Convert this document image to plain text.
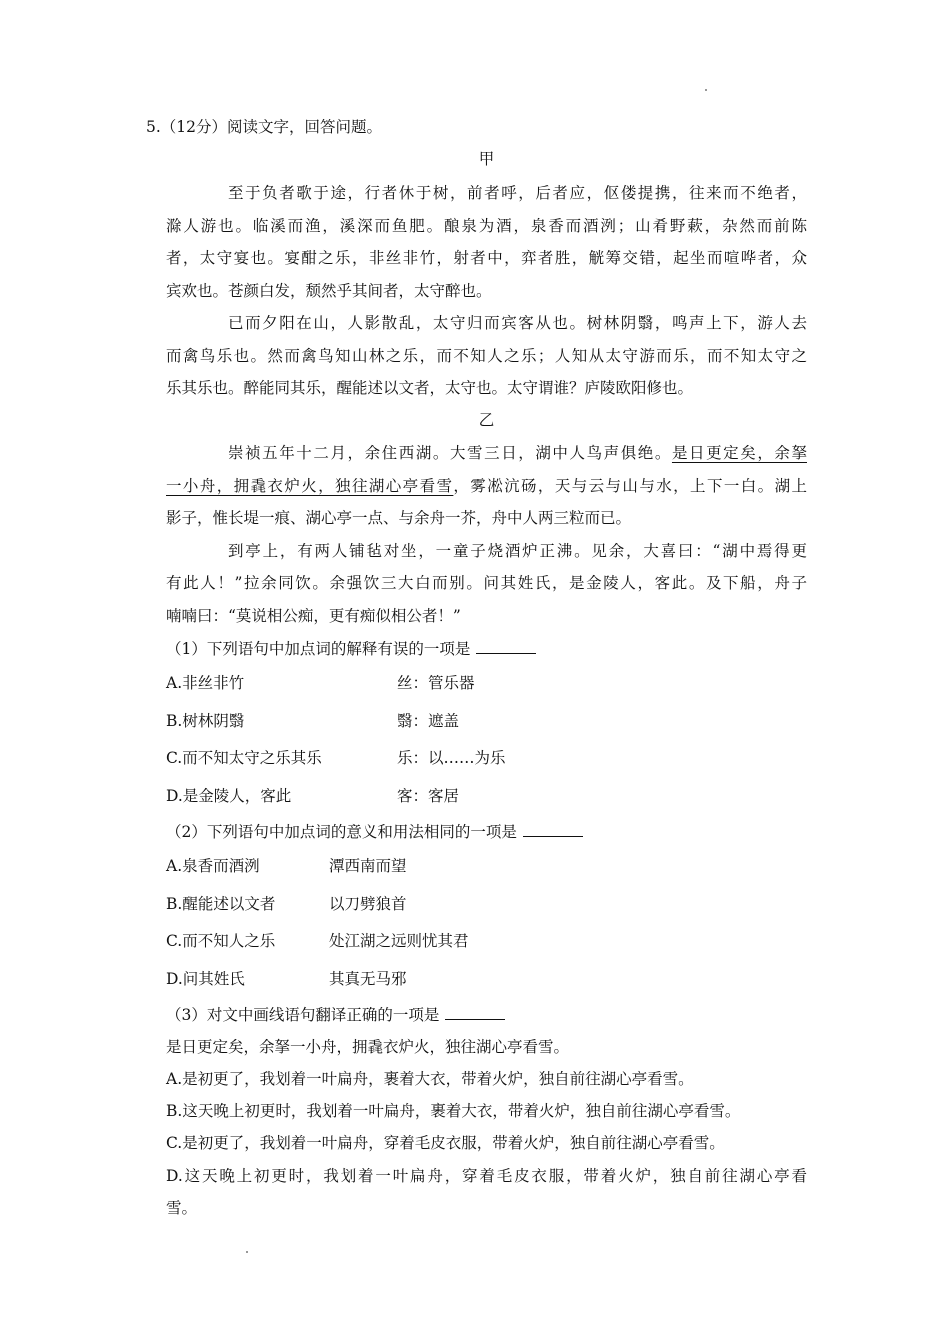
5.（12分）阅读文字，回答问题。
甲
至于负者歌于途，行者休于树，前者呼，后者应，伛偻提携，往来而不绝者，
滁人游也。临溪而渔，溪深而鱼肥。酿泉为酒，泉香而酒洌；山肴野蔌，杂然而前陈
者，太守宴也。宴酣之乐，非丝非竹，射者中，弈者胜，觥筹交错，起坐而喧哗者，众
宾欢也。苍颜白发，颓然乎其间者，太守醉也。
已而夕阳在山，人影散乱，太守归而宾客从也。树林阴翳，鸣声上下，游人去
而禽鸟乐也。然而禽鸟知山林之乐，而不知人之乐；人知从太守游而乐，而不知太守之
乐其乐也。醉能同其乐，醒能述以文者，太守也。太守谓谁？庐陵欧阳修也。
乙
崇祯五年十二月，余住西湖。大雪三日，湖中人鸟声俱绝。是日更定矣，余拏
一小舟，拥毳衣炉火，独往湖心亭看雪，雾凇沆砀，天与云与山与水，上下一白。湖上
影子，惟长堤一痕、湖心亭一点、与余舟一芥，舟中人两三粒而已。
到亭上，有两人铺毡对坐，一童子烧酒炉正沸。见余，大喜曰：“湖中焉得更
有此人！”拉余同饮。余强饮三大白而别。问其姓氏，是金陵人，客此。及下船，舟子
喃喃曰：“莫说相公痴，更有痴似相公者！”
（1）下列语句中加点词的解释有误的一项是
A.非丝非竹	丝：管乐器
B.树林阴翳	翳：遮盖
C.而不知太守之乐其乐	乐：以……为乐
D.是金陵人，客此	客：客居
（2）下列语句中加点词的意义和用法相同的一项是
A.泉香而酒洌	潭西南而望
B.醒能述以文者	以刀劈狼首
C.而不知人之乐	处江湖之远则忧其君
D.问其姓氏	其真无马邪
（3）对文中画线语句翻译正确的一项是
是日更定矣，余拏一小舟，拥毳衣炉火，独往湖心亭看雪。
A.是初更了，我划着一叶扁舟，裹着大衣，带着火炉，独自前往湖心亭看雪。
B.这天晚上初更时，我划着一叶扁舟，裹着大衣，带着火炉，独自前往湖心亭看雪。
C.是初更了，我划着一叶扁舟，穿着毛皮衣服，带着火炉，独自前往湖心亭看雪。
D.这天晚上初更时，我划着一叶扁舟，穿着毛皮衣服，带着火炉，独自前往湖心亭看
雪。
